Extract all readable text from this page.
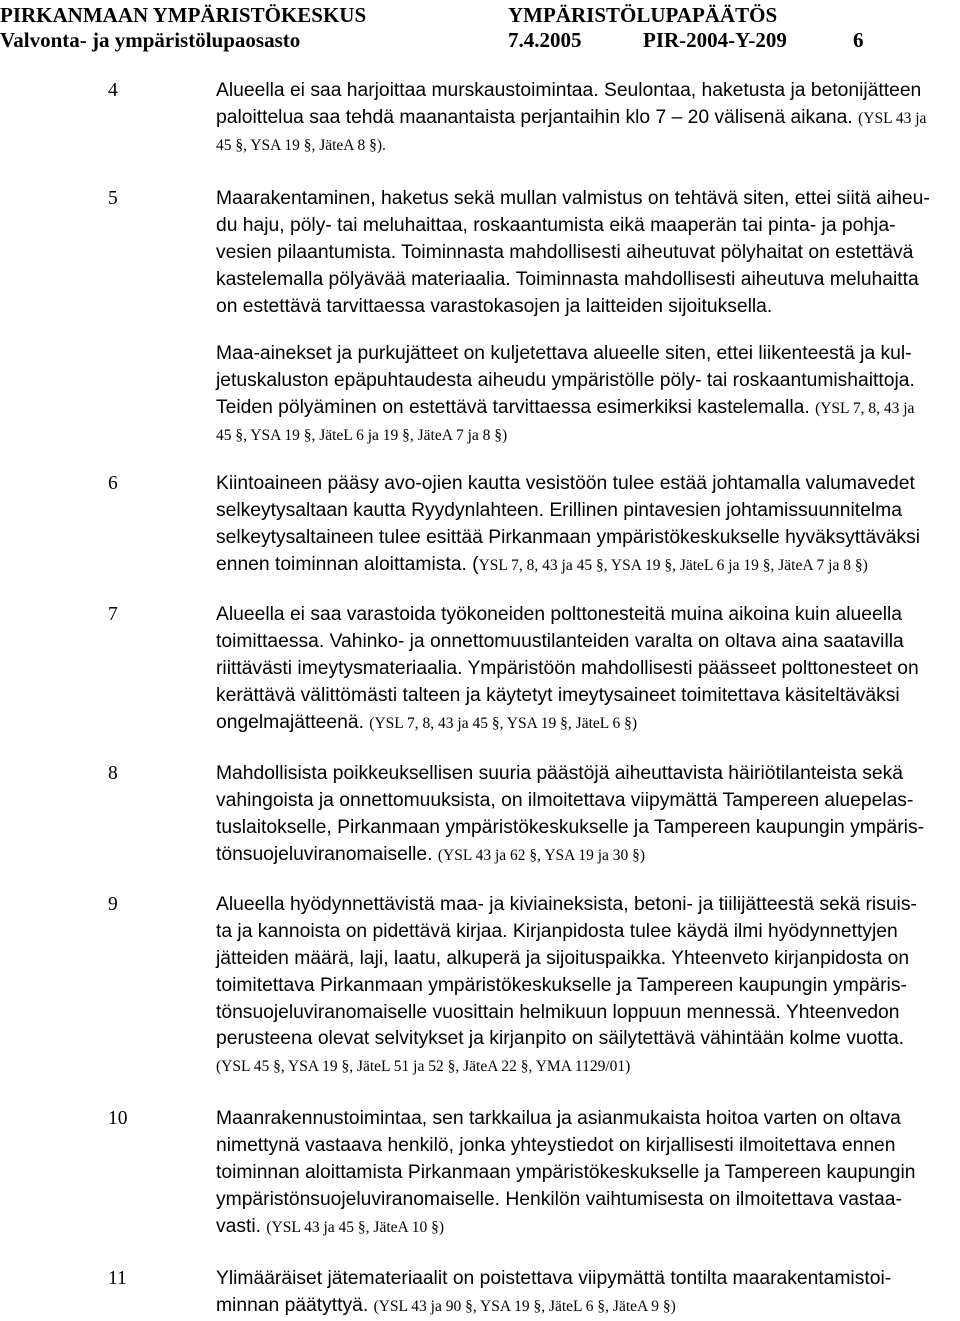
PIRKANMAAN YMPÄRISTÖKESKUS	YMPÄRISTÖLUPAPÄÄTÖS
Valvonta- ja ympäristölupaosasto	7.4.2005	PIR-2004-Y-209	6
4	Alueella ei saa harjoittaa murskaustoimintaa. Seulontaa, haketusta ja betonijätteen
paloittelua saa tehdä maanantaista perjantaihin klo 7 – 20 välisenä aikana. (YSL 43 ja
45 §, YSA 19 §, JäteA 8 §).
5	Maarakentaminen, haketus sekä mullan valmistus on tehtävä siten, ettei siitä aiheu-
du haju, pöly- tai meluhaittaa, roskaantumista eikä maaperän tai pinta- ja pohja-
vesien pilaantumista. Toiminnasta mahdollisesti aiheutuvat pölyhaitat on estettävä
kastelemalla pölyävää materiaalia. Toiminnasta mahdollisesti aiheutuva meluhaitta
on estettävä tarvittaessa varastokasojen ja laitteiden sijoituksella.
Maa-ainekset ja purkujätteet on kuljetettava alueelle siten, ettei liikenteestä ja kul-
jetuskaluston epäpuhtaudesta aiheudu ympäristölle pöly- tai roskaantumishaittoja.
Teiden pölyäminen on estettävä tarvittaessa esimerkiksi kastelemalla. (YSL 7, 8, 43 ja
45 §, YSA 19 §, JäteL 6 ja 19 §, JäteA 7 ja 8 §)
6	Kiintoaineen pääsy avo-ojien kautta vesistöön tulee estää johtamalla valumavedet
selkeytysaltaan kautta Ryydynlahteen. Erillinen pintavesien johtamissuunnitelma
selkeytysaltaineen tulee esittää Pirkanmaan ympäristökeskukselle hyväksyttäväksi
ennen toiminnan aloittamista. (YSL 7, 8, 43 ja 45 §, YSA 19 §, JäteL 6 ja 19 §, JäteA 7 ja 8 §)
7	Alueella ei saa varastoida työkoneiden polttonesteitä muina aikoina kuin alueella
toimittaessa. Vahinko- ja onnettomuustilanteiden varalta on oltava aina saatavilla
riittävästi imeytysmateriaalia. Ympäristöön mahdollisesti päässeet polttonesteet on
kerättävä välittömästi talteen ja käytetyt imeytysaineet toimitettava käsiteltäväksi
ongelmajätteenä. (YSL 7, 8, 43 ja 45 §, YSA 19 §, JäteL 6 §)
8	Mahdollisista poikkeuksellisen suuria päästöjä aiheuttavista häiriötilanteista sekä
vahingoista ja onnettomuuksista, on ilmoitettava viipymättä Tampereen aluepelas-
tuslaitokselle, Pirkanmaan ympäristökeskukselle ja Tampereen kaupungin ympäris-
tönsuojeluviranomaiselle. (YSL 43 ja 62 §, YSA 19 ja 30 §)
9	Alueella hyödynnettävistä maa- ja kiviaineksista, betoni- ja tiilijätteestä sekä risuis-
ta ja kannoista on pidettävä kirjaa. Kirjanpidosta tulee käydä ilmi hyödynnettyjen
jätteiden määrä, laji, laatu, alkuperä ja sijoituspaikka. Yhteenveto kirjanpidosta on
toimitettava Pirkanmaan ympäristökeskukselle ja Tampereen kaupungin ympäris-
tönsuojeluviranomaiselle vuosittain helmikuun loppuun mennessä. Yhteenvedon
perusteena olevat selvitykset ja kirjanpito on säilytettävä vähintään kolme vuotta.
(YSL 45 §, YSA 19 §, JäteL 51 ja 52 §, JäteA 22 §, YMA 1129/01)
10	Maanrakennustoimintaa, sen tarkkailua ja asianmukaista hoitoa varten on oltava
nimettynä vastaava henkilö, jonka yhteystiedot on kirjallisesti ilmoitettava ennen
toiminnan aloittamista Pirkanmaan ympäristökeskukselle ja Tampereen kaupungin
ympäristönsuojeluviranomaiselle. Henkilön vaihtumisesta on ilmoitettava vastaa-
vasti. (YSL 43 ja 45 §, JäteA 10 §)
11	Ylimääräiset jätemateriaalit on poistettava viipymättä tontilta maarakentamistoi-
minnan päätyttyä. (YSL 43 ja 90 §, YSA 19 §, JäteL 6 §, JäteA 9 §)
